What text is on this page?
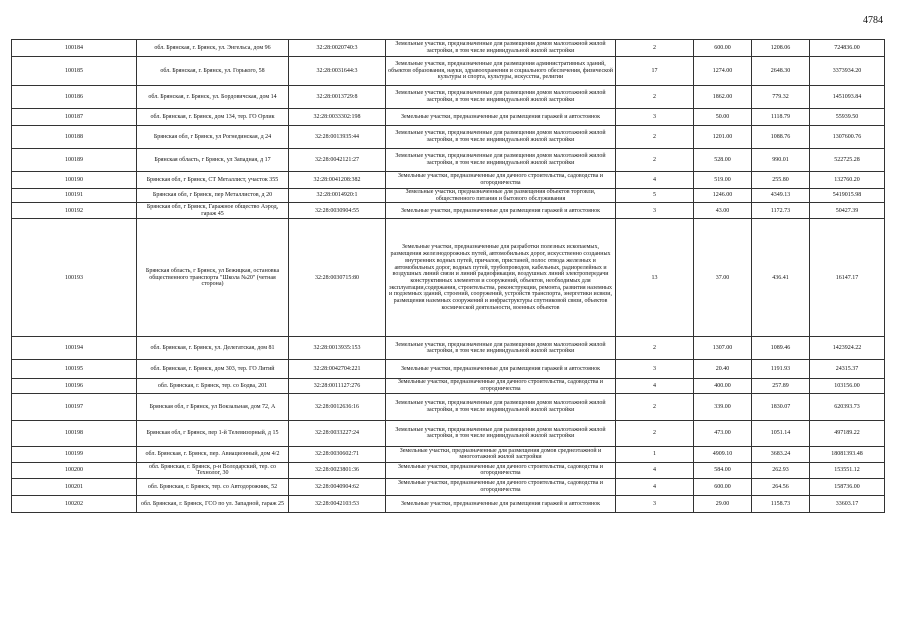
4784
100184	обл. Брянская, г. Брянск, ул. Энгельса, дом 96	32:28:0020740:3	Земельные участки, предназначенные для размещения домов малоэтажной жилой застройки, в том числе индивидуальной жилой застройки	2	600.00	1208.06	724836.00
100185	обл. Брянская, г. Брянск, ул. Горького, 58	32:28:0031644:3	Земельные участки, предназначенные для размещения административных зданий, объектов образования, науки, здравоохранения и социального обеспечения, физической культуры и спорта, культуры, искусства, религии	17	1274.00	2648.30	3373934.20
100186	обл. Брянская, г. Брянск, ул. Бордовичская, дом 14	32:28:0013729:8	Земельные участки, предназначенные для размещения домов малоэтажной жилой застройки, в том числе индивидуальной жилой застройки	2	1862.00	779.32	1451093.84
100187	обл. Брянская, г. Брянск, дом 134, тер. ГО Орлик	32:28:0033302:198	Земельные участки, предназначенные для размещения гаражей и автостоянок	3	50.00	1118.79	55939.50
100188	Брянская обл, г Брянск, ул Рогнединская, д 24	32:28:0013935:44	Земельные участки, предназначенные для размещения домов малоэтажной жилой застройки, в том числе индивидуальной жилой застройки	2	1201.00	1088.76	1307600.76
100189	Брянская область, г Брянск, ул Западная, д 17	32:28:0042121:27	Земельные участки, предназначенные для размещения домов малоэтажной жилой застройки, в том числе индивидуальной жилой застройки	2	528.00	990.01	522725.28
100190	Брянская обл, г Брянск, СТ Металлист, участок 355	32:28:0041208:382	Земельные участки, предназначенные для дачного строительства, садоводства и огородничества	4	519.00	255.80	132760.20
100191	Брянская обл, г Брянск, пер Металлистов, д 20	32:28:0014920:1	Земельные участки, предназначенные для размещения объектов торговли, общественного питания и бытового обслуживания	5	1246.00	4349.13	5419015.98
100192	Брянская обл, г Брянск, Гаражное общество Аэрод, гараж 45	32:28:0030904:55	Земельные участки, предназначенные для размещения гаражей и автостоянок	3	43.00	1172.73	50427.39
100193	Брянская область, г Брянск, ул Бежицкая, остановка общественного транспорта "Школа №20" (четная сторона)	32:28:0030715:80	Земельные участки, предназначенные для разработки полезных ископаемых, размещения железнодорожных путей, автомобильных дорог, искусственно созданных внутренних водных путей, причалов, пристаней, полос отвода железных и автомобильных дорог, водных путей, трубопроводов, кабельных, радиорелейных и воздушных линий связи и линий радиофикации, воздушных линий электропередачи конструктивных элементов и сооружений, объектов, необходимых для эксплуатации,содержания, строительства, реконструкции, ремонта, развития наземных и подземных зданий, строений, сооружений, устройств транспорта, энергетики исвязи, размещения наземных сооружений и инфраструктуры спутниковой связи, объектов космической деятельности, военных объектов	13	37.00	436.41	16147.17
100194	обл. Брянская, г. Брянск, ул. Делегатская, дом 81	32:28:0013935:153	Земельные участки, предназначенные для размещения домов малоэтажной жилой застройки, в том числе индивидуальной жилой застройки	2	1307.00	1089.46	1423924.22
100195	обл. Брянская, г. Брянск, дом 303, тер. ГО Литий	32:28:0042704:221	Земельные участки, предназначенные для размещения гаражей и автостоянок	3	20.40	1191.93	24315.37
100196	обл. Брянская, г. Брянск, тер. со Бодва, 201	32:28:0011127:276	Земельные участки, предназначенные для дачного строительства, садоводства и огородничества	4	400.00	257.89	103156.00
100197	Брянская обл, г Брянск, ул Вокзальная, дом 72, А	32:28:0012636:16	Земельные участки, предназначенные для размещения домов малоэтажной жилой застройки, в том числе индивидуальной жилой застройки	2	339.00	1830.07	620393.73
100198	Брянская обл, г Брянск, пер 1-й Телевизорный, д 15	32:28:0033227:24	Земельные участки, предназначенные для размещения домов малоэтажной жилой застройки, в том числе индивидуальной жилой застройки	2	473.00	1051.14	497189.22
100199	обл. Брянская, г. Брянск, пер. Авиационный, дом 4/2	32:28:0030602:71	Земельные участки, предназначенные для размещения домов среднеэтажной и многоэтажной жилой застройки	1	4909.10	3683.24	18081393.48
100200	обл. Брянская, г. Брянск, р-н Володарский, тер. со Технолог, 30	32:28:0023801:36	Земельные участки, предназначенные для дачного строительства, садоводства и огородничества	4	584.00	262.93	153551.12
100201	обл. Брянская, г. Брянск, тер. со Автодорожник, 52	32:28:0040904:62	Земельные участки, предназначенные для дачного строительства, садоводства и огородничества	4	600.00	264.56	158736.00
100202	обл. Брянская, г. Брянск, ГСО по ул. Западной, гараж 25	32:28:0042103:53	Земельные участки, предназначенные для размещения гаражей и автостоянок	3	29.00	1158.73	33603.17
